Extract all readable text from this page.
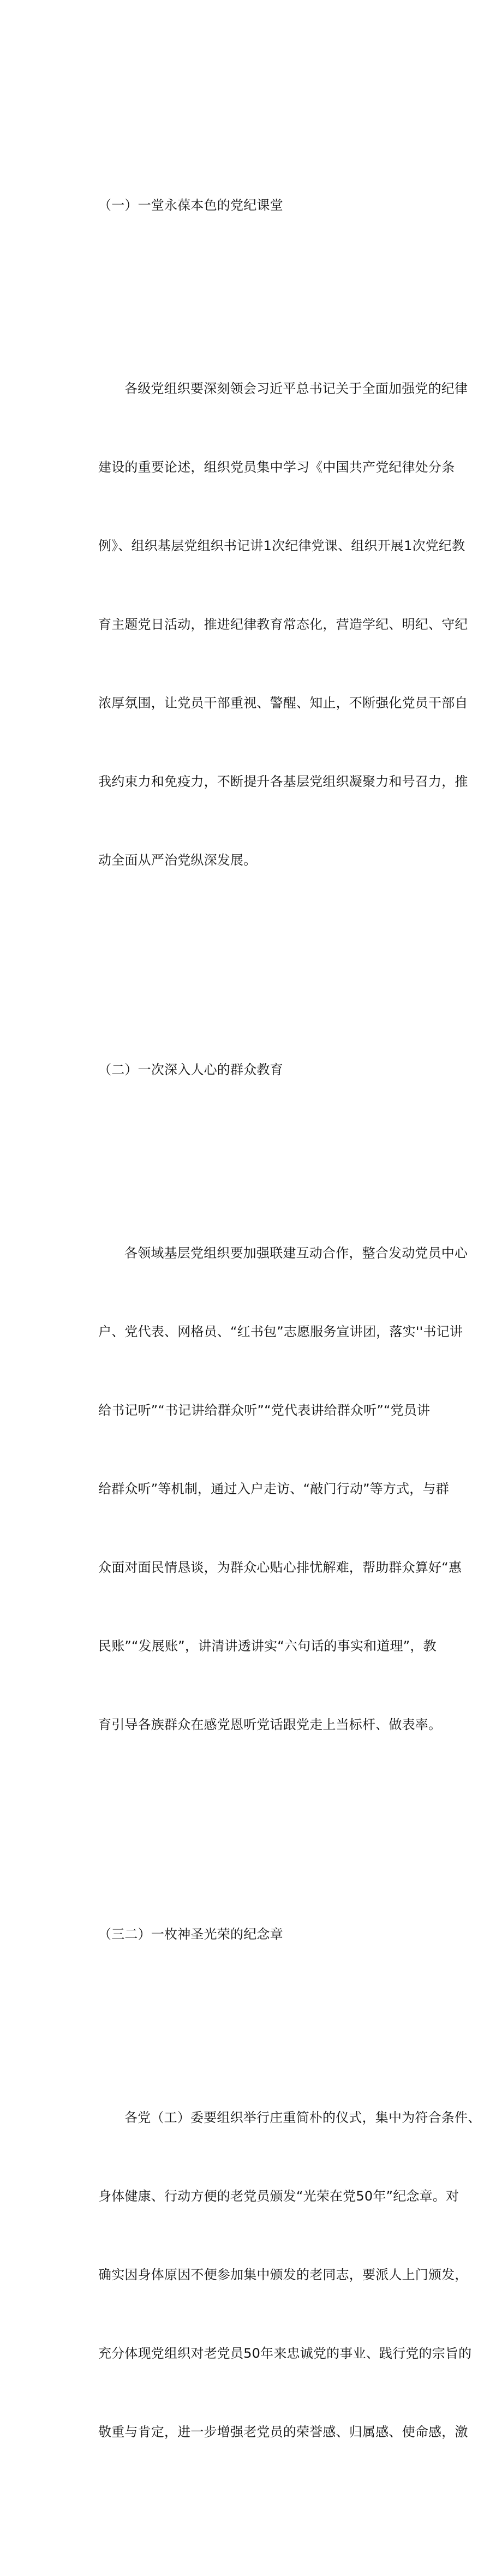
（一）一堂永葆本色的党纪课堂

各级党组织要深刻领会习近平总书记关于全面加强党的纪律

建设的重要论述，组织党员集中学习《中国共产党纪律处分条

例》、组织基层党组织书记讲1次纪律党课、组织开展1次党纪教

育主题党日活动，推进纪律教育常态化，营造学纪、明纪、守纪

浓厚氛围，让党员干部重视、警醒、知止，不断强化党员干部自

我约束力和免疫力，不断提升各基层党组织凝聚力和号召力，推

动全面从严治党纵深发展。

（二）一次深入人心的群众教育

各领域基层党组织要加强联建互动合作，整合发动党员中心

户、党代表、网格员、“红书包”志愿服务宣讲团，落实''书记讲

给书记听”“书记讲给群众听”“党代表讲给群众听”“党员讲

给群众听”等机制，通过入户走访、“敲门行动”等方式，与群

众面对面民情恳谈，为群众心贴心排忧解难，帮助群众算好“惠

民账”“发展账”，讲清讲透讲实“六句话的事实和道理”，教

育引导各族群众在感党恩听党话跟党走上当标杆、做表率。

（三二）一枚神圣光荣的纪念章

各党（工）委要组织举行庄重简朴的仪式，集中为符合条件、

身体健康、行动方便的老党员颁发“光荣在党50年”纪念章。对

确实因身体原因不便参加集中颁发的老同志，要派人上门颁发，

充分体现党组织对老党员50年来忠诚党的事业、践行党的宗旨的

敬重与肯定，进一步增强老党员的荣誉感、归属感、使命感，激
